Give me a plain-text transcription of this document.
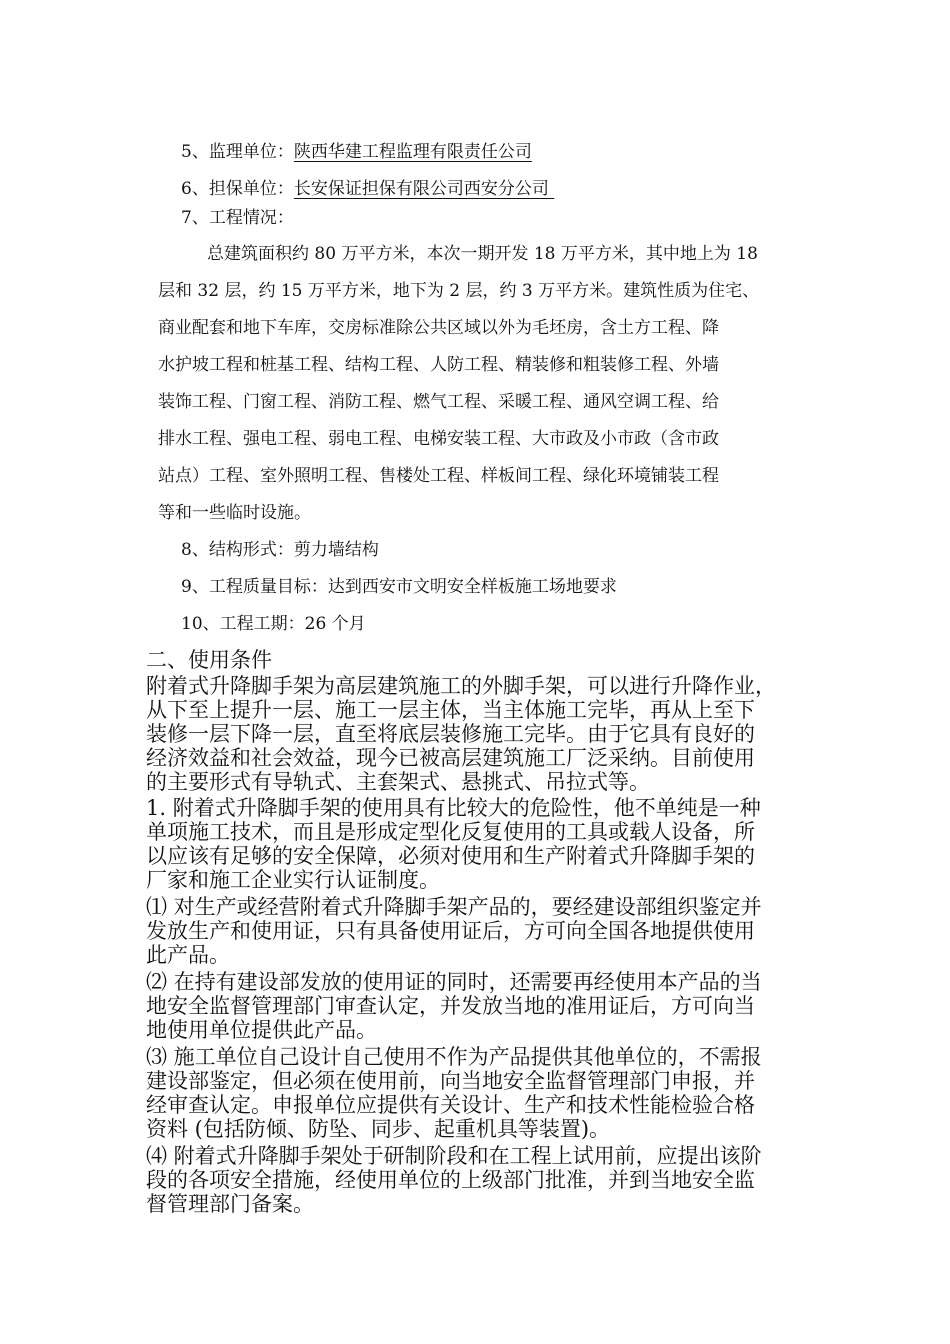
5、监理单位：陕西华建工程监理有限责任公司
6、担保单位：长安保证担保有限公司西安分公司
7、工程情况：
总建筑面积约 80 万平方米，本次一期开发 18 万平方米，其中地上为 18
层和 32 层，约 15 万平方米，地下为 2 层，约 3 万平方米。建筑性质为住宅、
商业配套和地下车库，交房标准除公共区域以外为毛坯房，含土方工程、降
水护坡工程和桩基工程、结构工程、人防工程、精装修和粗装修工程、外墙
装饰工程、门窗工程、消防工程、燃气工程、采暖工程、通风空调工程、给
排水工程、强电工程、弱电工程、电梯安装工程、大市政及小市政（含市政
站点）工程、室外照明工程、售楼处工程、样板间工程、绿化环境铺装工程
等和一些临时设施。
8、结构形式：剪力墙结构
9、工程质量目标：达到西安市文明安全样板施工场地要求
10、工程工期：26 个月
二、使用条件
附着式升降脚手架为高层建筑施工的外脚手架，可以进行升降作业，
从下至上提升一层、施工一层主体，当主体施工完毕，再从上至下
装修一层下降一层，直至将底层装修施工完毕。由于它具有良好的
经济效益和社会效益，现今已被高层建筑施工厂泛采纳。目前使用
的主要形式有导轨式、主套架式、悬挑式、吊拉式等。
1. 附着式升降脚手架的使用具有比较大的危险性，他不单纯是一种
单项施工技术，而且是形成定型化反复使用的工具或载人设备，所
以应该有足够的安全保障，必须对使用和生产附着式升降脚手架的
厂家和施工企业实行认证制度。
⑴ 对生产或经营附着式升降脚手架产品的，要经建设部组织鉴定并
发放生产和使用证，只有具备使用证后，方可向全国各地提供使用
此产品。
⑵ 在持有建设部发放的使用证的同时，还需要再经使用本产品的当
地安全监督管理部门审查认定，并发放当地的准用证后，方可向当
地使用单位提供此产品。
⑶ 施工单位自己设计自己使用不作为产品提供其他单位的，不需报
建设部鉴定，但必须在使用前，向当地安全监督管理部门申报，并
经审查认定。申报单位应提供有关设计、生产和技术性能检验合格
资料 (包括防倾、防坠、同步、起重机具等装置)。
⑷ 附着式升降脚手架处于研制阶段和在工程上试用前，应提出该阶
段的各项安全措施，经使用单位的上级部门批准，并到当地安全监
督管理部门备案。
